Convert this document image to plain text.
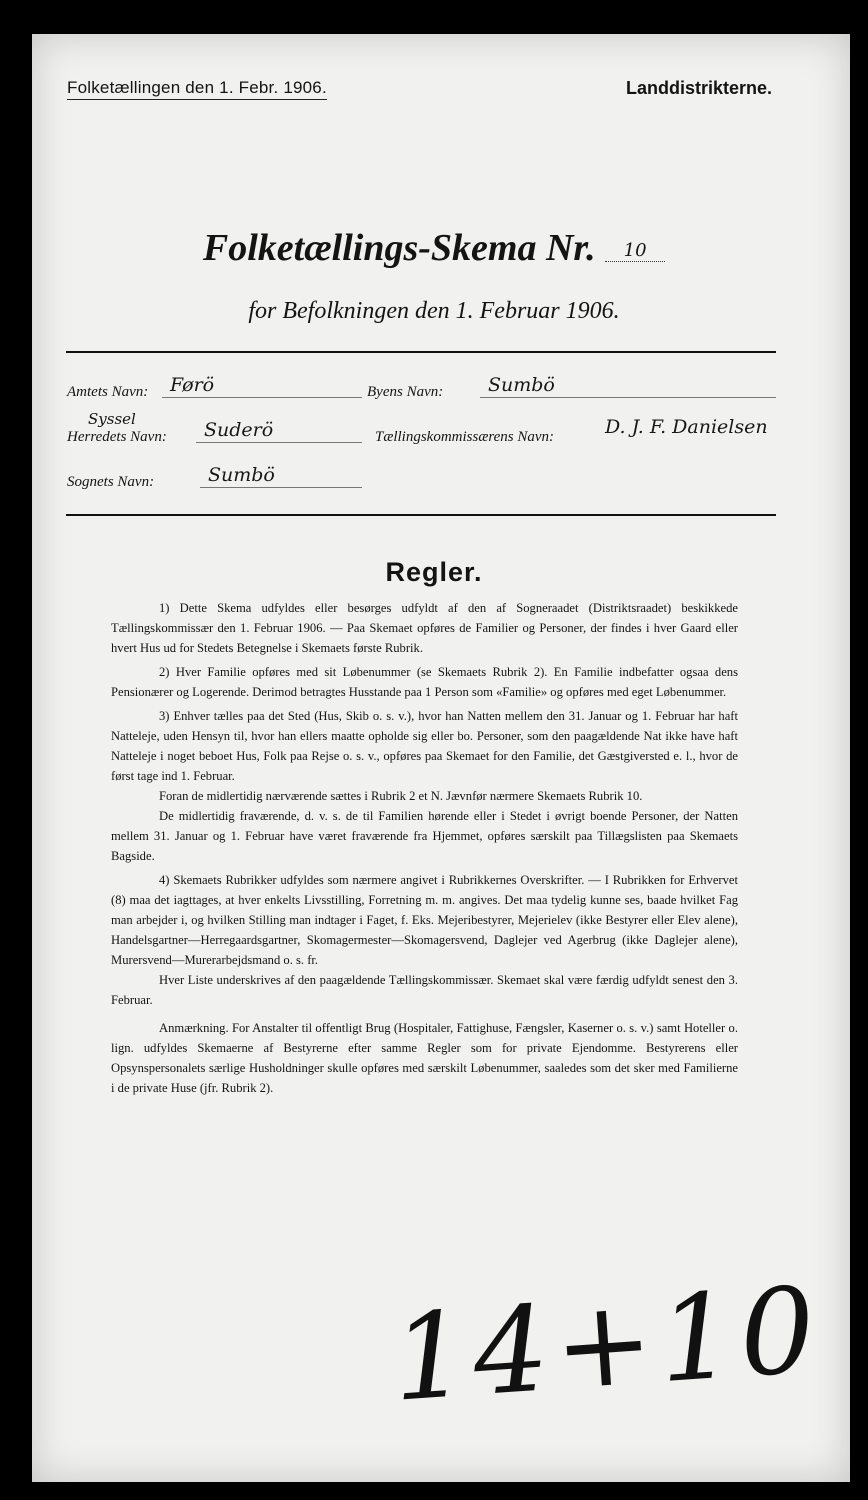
Folketællingen den 1. Febr. 1906.	Landdistrikterne.
Folketællings-Skema Nr. 10
for Befolkningen den 1. Februar 1906.
Amtets Navn:	Førö	Byens Navn:	Sumbö
Syssel
Herredets Navn:	Suderö	Tællingskommissærens Navn:	D. J. F. Danielsen
Sognets Navn:	Sumbö
Regler.

1) Dette Skema udfyldes eller besørges udfyldt af den af Sogneraadet (Distriktsraadet) beskikkede Tællingskommissær den 1. Februar 1906. — Paa Skemaet opføres de Familier og Personer, der findes i hver Gaard eller hvert Hus ud for Stedets Betegnelse i Skemaets første Rubrik.

2) Hver Familie opføres med sit Løbenummer (se Skemaets Rubrik 2). En Familie indbefatter ogsaa dens Pensionærer og Logerende. Derimod betragtes Husstande paa 1 Person som «Familie» og opføres med eget Løbenummer.

3) Enhver tælles paa det Sted (Hus, Skib o. s. v.), hvor han Natten mellem den 31. Januar og 1. Februar har haft Natteleje, uden Hensyn til, hvor han ellers maatte opholde sig eller bo. Personer, som den paagældende Nat ikke have haft Natteleje i noget beboet Hus, Folk paa Rejse o. s. v., opføres paa Skemaet for den Familie, det Gæstgiversted e. l., hvor de først tage ind 1. Februar.

Foran de midlertidig nærværende sættes i Rubrik 2 et N. Jævnfør nærmere Skemaets Rubrik 10.

De midlertidig fraværende, d. v. s. de til Familien hørende eller i Stedet i øvrigt boende Personer, der Natten mellem 31. Januar og 1. Februar have været fraværende fra Hjemmet, opføres særskilt paa Tillægslisten paa Skemaets Bagside.

4) Skemaets Rubrikker udfyldes som nærmere angivet i Rubrikkernes Overskrifter. — I Rubrikken for Erhvervet (8) maa det iagttages, at hver enkelts Livsstilling, Forretning m. m. angives. Det maa tydelig kunne ses, baade hvilket Fag man arbejder i, og hvilken Stilling man indtager i Faget, f. Eks. Mejeribestyrer, Mejerielev (ikke Bestyrer eller Elev alene), Handelsgartner—Herregaardsgartner, Skomagermester—Skomagersvend, Daglejer ved Agerbrug (ikke Daglejer alene), Murersvend—Murerarbejdsmand o. s. fr.

Hver Liste underskrives af den paagældende Tællingskommissær. Skemaet skal være færdig udfyldt senest den 3. Februar.

Anmærkning. For Anstalter til offentligt Brug (Hospitaler, Fattighuse, Fængsler, Kaserner o. s. v.) samt Hoteller o. lign. udfyldes Skemaerne af Bestyrerne efter samme Regler som for private Ejendomme. Bestyrerens eller Opsynspersonalets særlige Husholdninger skulle opføres med særskilt Løbenummer, saaledes som det sker med Familierne i de private Huse (jfr. Rubrik 2).

14+10
